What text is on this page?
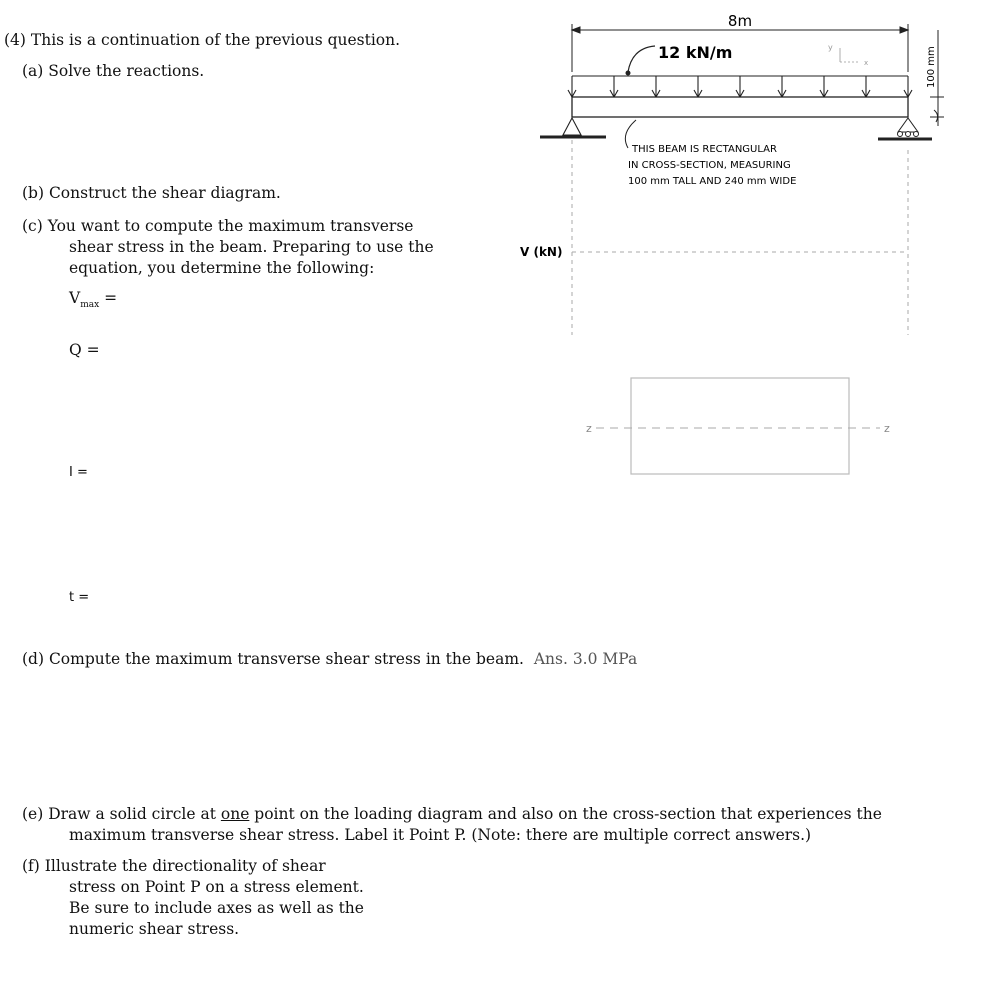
(4) This is a continuation of the previous question.
(a) Solve the reactions.
(b) Construct the shear diagram.
(c) You want to compute the maximum transverse
shear stress in the beam. Preparing to use the
equation, you determine the following:
$V_{max}$ =
Q =
I =
t =
(d) Compute the maximum transverse shear stress in the beam. Ans. 3.0 MPa
(e) Draw a solid circle at one point on the loading diagram and also on the cross-section that experiences the
maximum transverse shear stress. Label it Point P. (Note: there are multiple correct answers.)
(f) Illustrate the directionality of shear
stress on Point P on a stress element.
Be sure to include axes as well as the
numeric shear stress.
8m
12 kN/m	y
x	100 mm
THIS BEAM IS RECTANGULAR
IN CROSS-SECTION, MEASURING
100 mm TALL AND 240 mm WIDE
V (kN)
z	z
